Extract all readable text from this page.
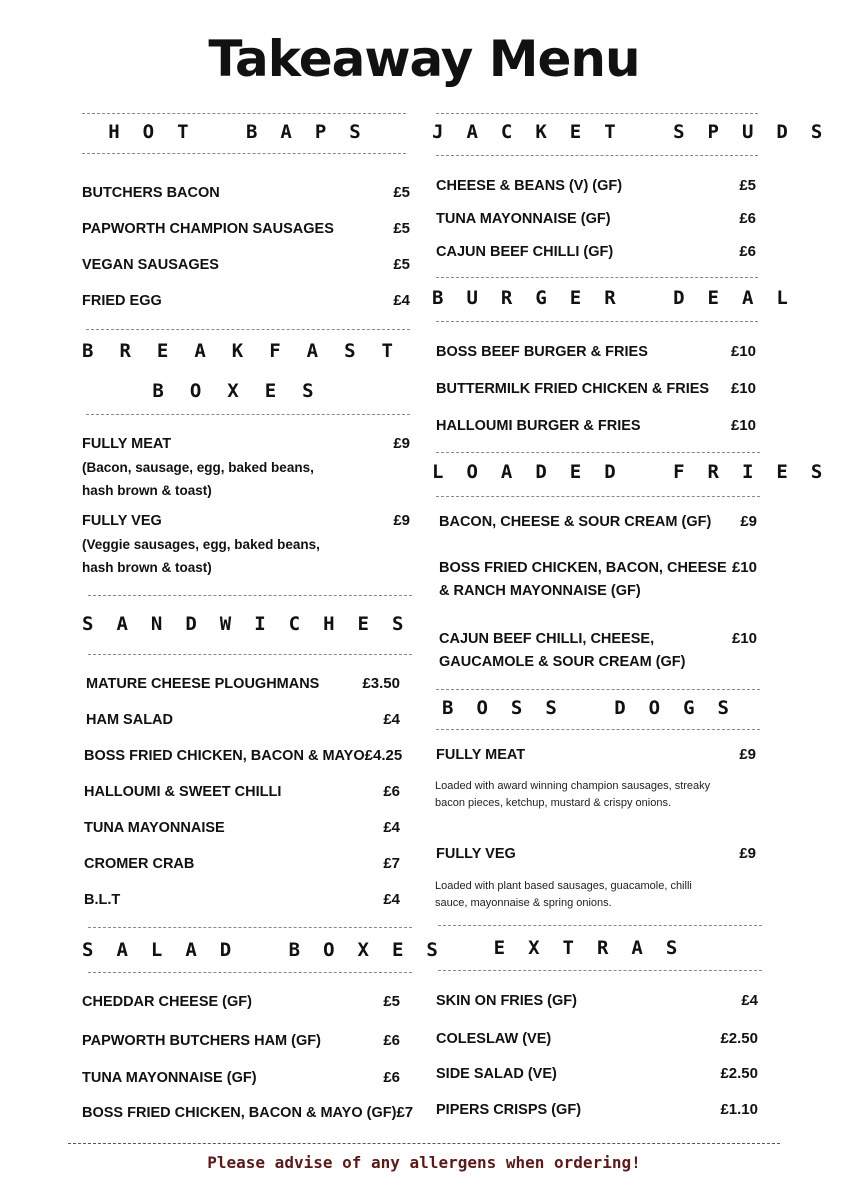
Takeaway Menu
HOT BAPS
BUTCHERS BACON	£5
PAPWORTH CHAMPION SAUSAGES	£5
VEGAN SAUSAGES	£5
FRIED EGG	£4
BREAKFAST
BOXES
FULLY MEAT	£9
(Bacon, sausage, egg, baked beans, hash brown & toast)
FULLY VEG	£9
(Veggie sausages, egg, baked beans, hash brown & toast)
SANDWICHES
MATURE CHEESE PLOUGHMANS	£3.50
HAM SALAD	£4
BOSS FRIED CHICKEN, BACON & MAYO £4.25
HALLOUMI & SWEET CHILLI	£6
TUNA MAYONNAISE	£4
CROMER CRAB	£7
B.L.T	£4
SALAD BOXES
CHEDDAR CHEESE (GF)	£5
PAPWORTH BUTCHERS HAM (GF)	£6
TUNA MAYONNAISE (GF)	£6
BOSS FRIED CHICKEN, BACON & MAYO (GF) £7
JACKET SPUDS
CHEESE & BEANS (V) (GF)	£5
TUNA MAYONNAISE (GF)	£6
CAJUN BEEF CHILLI (GF)	£6
BURGER DEAL
BOSS BEEF BURGER & FRIES	£10
BUTTERMILK FRIED CHICKEN & FRIES £10
HALLOUMI BURGER & FRIES	£10
LOADED FRIES
BACON, CHEESE & SOUR CREAM (GF) £9
BOSS FRIED CHICKEN, BACON, CHEESE & RANCH MAYONNAISE (GF)
£10
CAJUN BEEF CHILLI, CHEESE, GAUCAMOLE & SOUR CREAM (GF)
£10
BOSS DOGS
FULLY MEAT	£9
Loaded with award winning champion sausages, streaky bacon pieces, ketchup, mustard & crispy onions.
FULLY VEG	£9
Loaded with plant based sausages, guacamole, chilli sauce, mayonnaise & spring onions.
EXTRAS
SKIN ON FRIES (GF)	£4
COLESLAW (VE)	£2.50
SIDE SALAD (VE)	£2.50
PIPERS CRISPS (GF)	£1.10
Please advise of any allergens when ordering!
